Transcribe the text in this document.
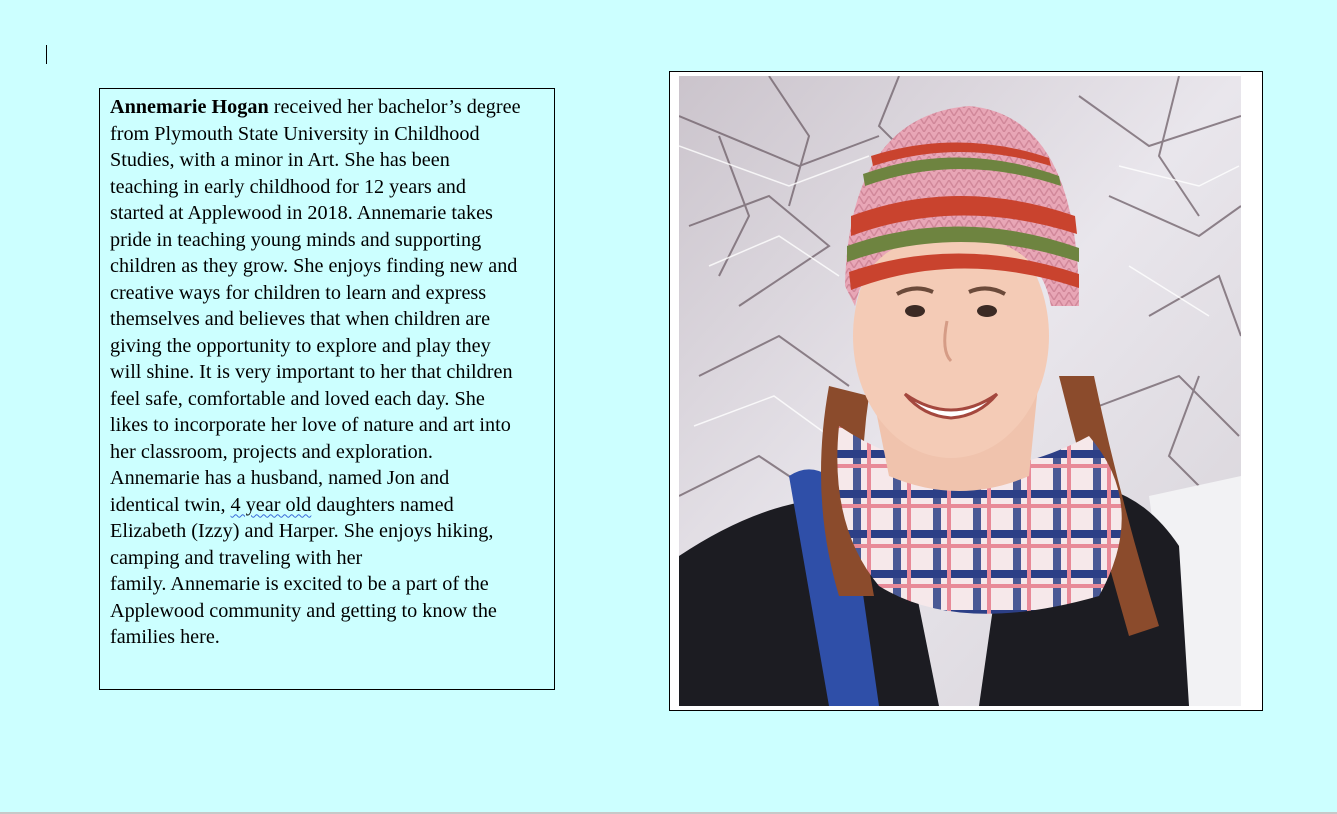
Annemarie Hogan received her bachelor’s degree
from Plymouth State University in Childhood
Studies, with a minor in Art. She has been
teaching in early childhood for 12 years and
started at Applewood in 2018. Annemarie takes
pride in teaching young minds and supporting
children as they grow. She enjoys finding new and
creative ways for children to learn and express
themselves and believes that when children are
giving the opportunity to explore and play they
will shine. It is very important to her that children
feel safe, comfortable and loved each day. She
likes to incorporate her love of nature and art into
her classroom, projects and exploration.
Annemarie has a husband, named Jon and
identical twin, 4 year old daughters named
Elizabeth (Izzy) and Harper. She enjoys hiking,
camping and traveling with her
family. Annemarie is excited to be a part of the
Applewood community and getting to know the
families here.
